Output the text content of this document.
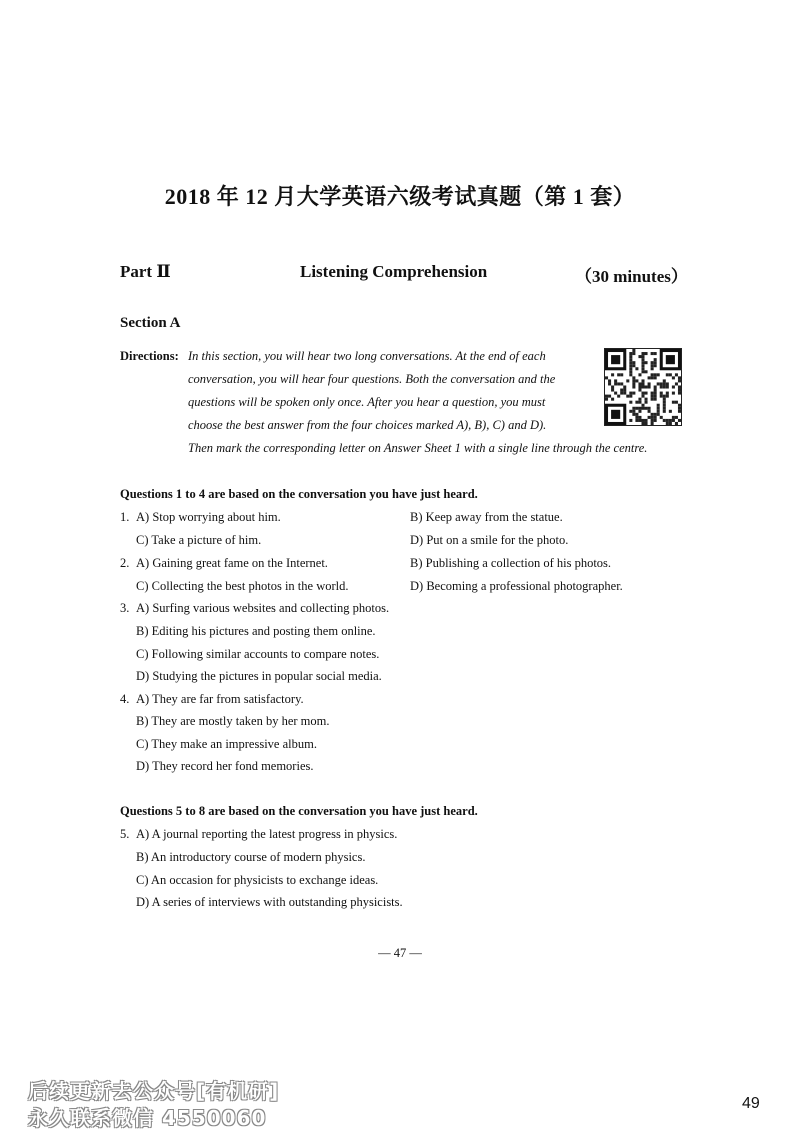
2018 年 12 月大学英语六级考试真题（第 1 套）
Part Ⅱ	Listening Comprehension	（30 minutes）
Section A
Directions: In this section, you will hear two long conversations. At the end of each
conversation, you will hear four questions. Both the conversation and the
questions will be spoken only once. After you hear a question, you must
choose the best answer from the four choices marked A), B), C) and D).
Then mark the corresponding letter on Answer Sheet 1 with a single line through the centre.
Questions 1 to 4 are based on the conversation you have just heard.
1. A) Stop worrying about him.	B) Keep away from the statue.
C) Take a picture of him.	D) Put on a smile for the photo.
2. A) Gaining great fame on the Internet.	B) Publishing a collection of his photos.
C) Collecting the best photos in the world.	D) Becoming a professional photographer.
3. A) Surfing various websites and collecting photos.
B) Editing his pictures and posting them online.
C) Following similar accounts to compare notes.
D) Studying the pictures in popular social media.
4. A) They are far from satisfactory.
B) They are mostly taken by her mom.
C) They make an impressive album.
D) They record her fond memories.
Questions 5 to 8 are based on the conversation you have just heard.
5. A) A journal reporting the latest progress in physics.
B) An introductory course of modern physics.
C) An occasion for physicists to exchange ideas.
D) A series of interviews with outstanding physicists.
— 47 —
后续更新去公众号[有机研]
永久联系微信 4550060
49
